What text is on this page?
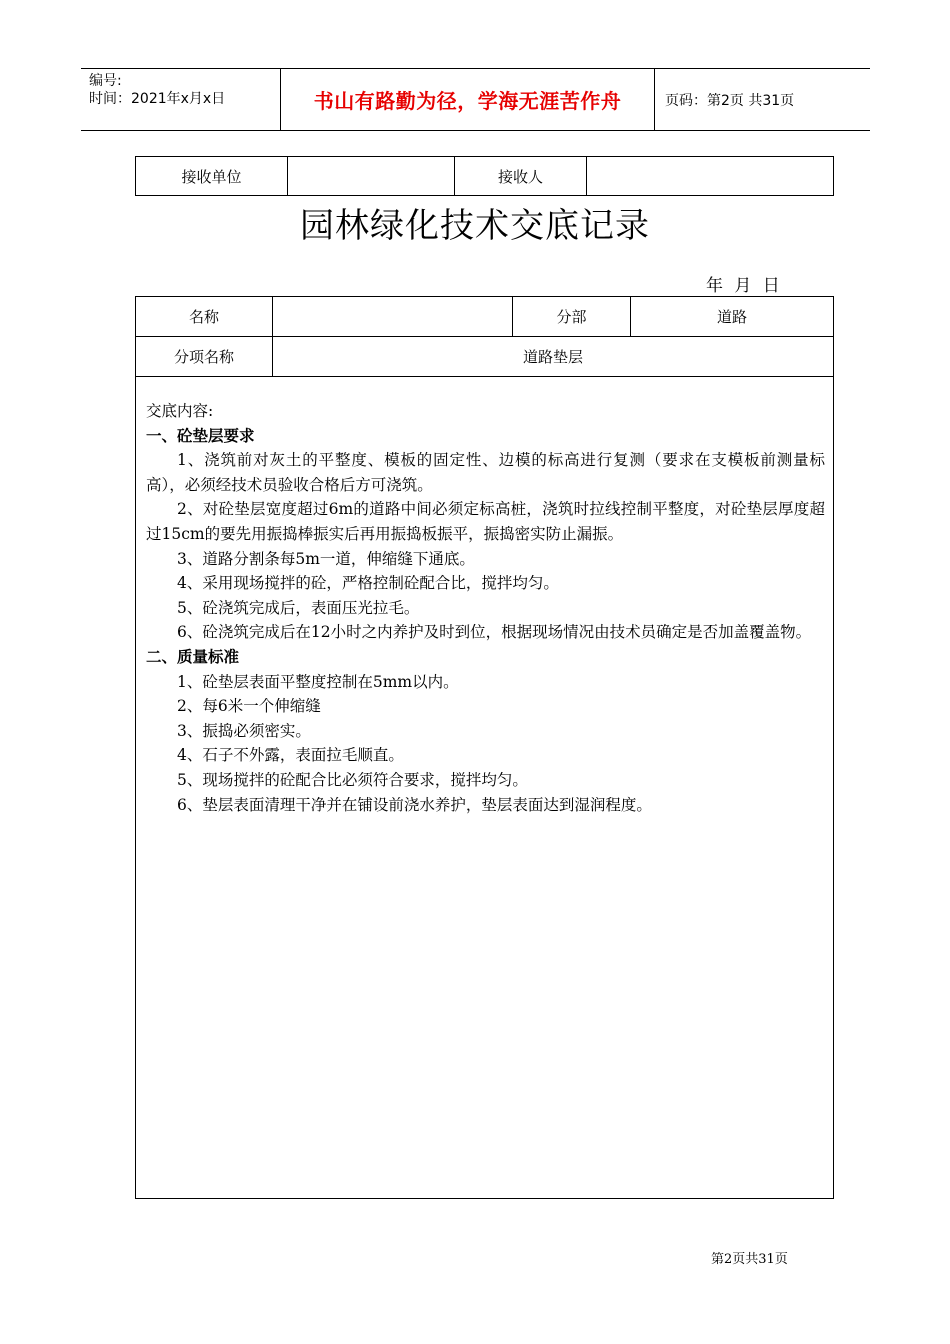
编号:
时间：2021年x月x日	书山有路勤为径，学海无涯苦作舟	页码：第2页 共31页
接收单位		接收人	
园林绿化技术交底记录
年 月 日
名称		分部	道路
分项名称	道路垫层		

交底内容:

一、砼垫层要求

1、浇筑前对灰土的平整度、模板的固定性、边模的标高进行复测（要求在支模板前测量标高），必须经技术员验收合格后方可浇筑。

2、对砼垫层宽度超过6m的道路中间必须定标高桩，浇筑时拉线控制平整度，对砼垫层厚度超过15cm的要先用振捣棒振实后再用振捣板振平，振捣密实防止漏振。

3、道路分割条每5m一道，伸缩缝下通底。

4、采用现场搅拌的砼，严格控制砼配合比，搅拌均匀。

5、砼浇筑完成后，表面压光拉毛。

6、砼浇筑完成后在12小时之内养护及时到位，根据现场情况由技术员确定是否加盖覆盖物。

二、质量标准

1、砼垫层表面平整度控制在5mm以内。

2、每6米一个伸缩缝

3、振捣必须密实。

4、石子不外露，表面拉毛顺直。

5、现场搅拌的砼配合比必须符合要求，搅拌均匀。

6、垫层表面清理干净并在铺设前浇水养护，垫层表面达到湿润程度。

第2页共31页
